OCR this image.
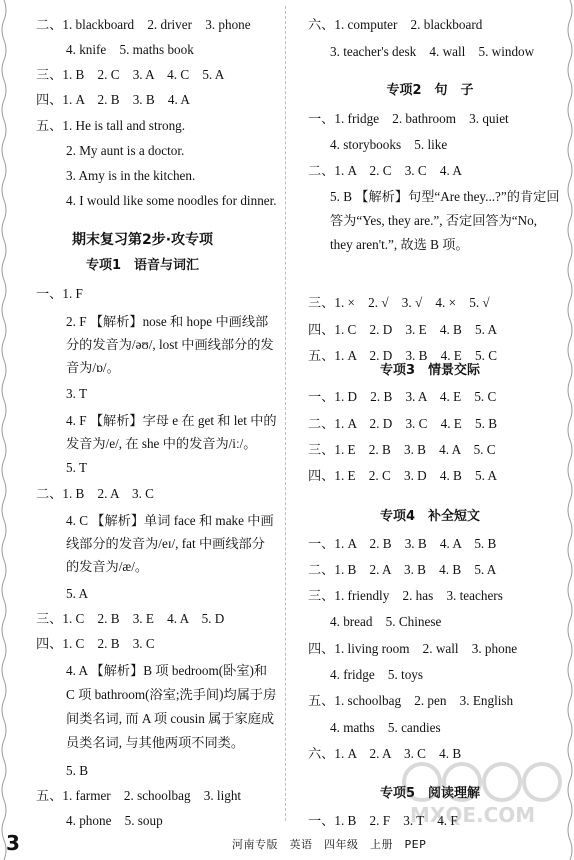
二、1. blackboard　2. driver　3. phone
4. knife　5. maths book
三、1. B　2. C　3. A　4. C　5. A
四、1. A　2. B　3. B　4. A
五、1. He is tall and strong.
2. My aunt is a doctor.
3. Amy is in the kitchen.
4. I would like some noodles for dinner.
期末复习第2步·攻专项
专项1　语音与词汇
一、1. F
2. F 【解析】nose 和 hope 中画线部分的发音为/əʊ/, lost 中画线部分的发音为/ɒ/。
3. T
4. F 【解析】字母 e 在 get 和 let 中的发音为/e/, 在 she 中的发音为/iː/。
5. T
二、1. B　2. A　3. C
4. C 【解析】单词 face 和 make 中画线部分的发音为/eɪ/, fat 中画线部分的发音为/æ/。
5. A
三、1. C　2. B　3. E　4. A　5. D
四、1. C　2. B　3. C
4. A 【解析】B 项 bedroom(卧室)和 C 项 bathroom(浴室;洗手间)均属于房间类名词, 而 A 项 cousin 属于家庭成员类名词, 与其他两项不同类。
5. B
五、1. farmer　2. schoolbag　3. light
4. phone　5. soup
六、1. computer　2. blackboard
3. teacher's desk　4. wall　5. window
专项2　句　子
一、1. fridge　2. bathroom　3. quiet
4. storybooks　5. like
二、1. A　2. C　3. C　4. A
5. B 【解析】句型“Are they...?”的肯定回答为“Yes, they are.”, 否定回答为“No, they aren't.”, 故选 B 项。
三、1. ×　2. √　3. √　4. ×　5. √
四、1. C　2. D　3. E　4. B　5. A
五、1. A　2. D　3. B　4. E　5. C
专项3　情景交际
一、1. D　2. B　3. A　4. E　5. C
二、1. A　2. D　3. C　4. E　5. B
三、1. E　2. B　3. B　4. A　5. C
四、1. E　2. C　3. D　4. B　5. A
专项4　补全短文
一、1. A　2. B　3. B　4. A　5. B
二、1. B　2. A　3. B　4. B　5. A
三、1. friendly　2. has　3. teachers
4. bread　5. Chinese
四、1. living room　2. wall　3. phone
4. fridge　5. toys
五、1. schoolbag　2. pen　3. English
4. maths　5. candies
六、1. A　2. A　3. C　4. B
专项5　阅读理解
一、1. B　2. F　3. T　4. F
MXQE.COM
3	河南专版　英语　四年级　上册　PEP
